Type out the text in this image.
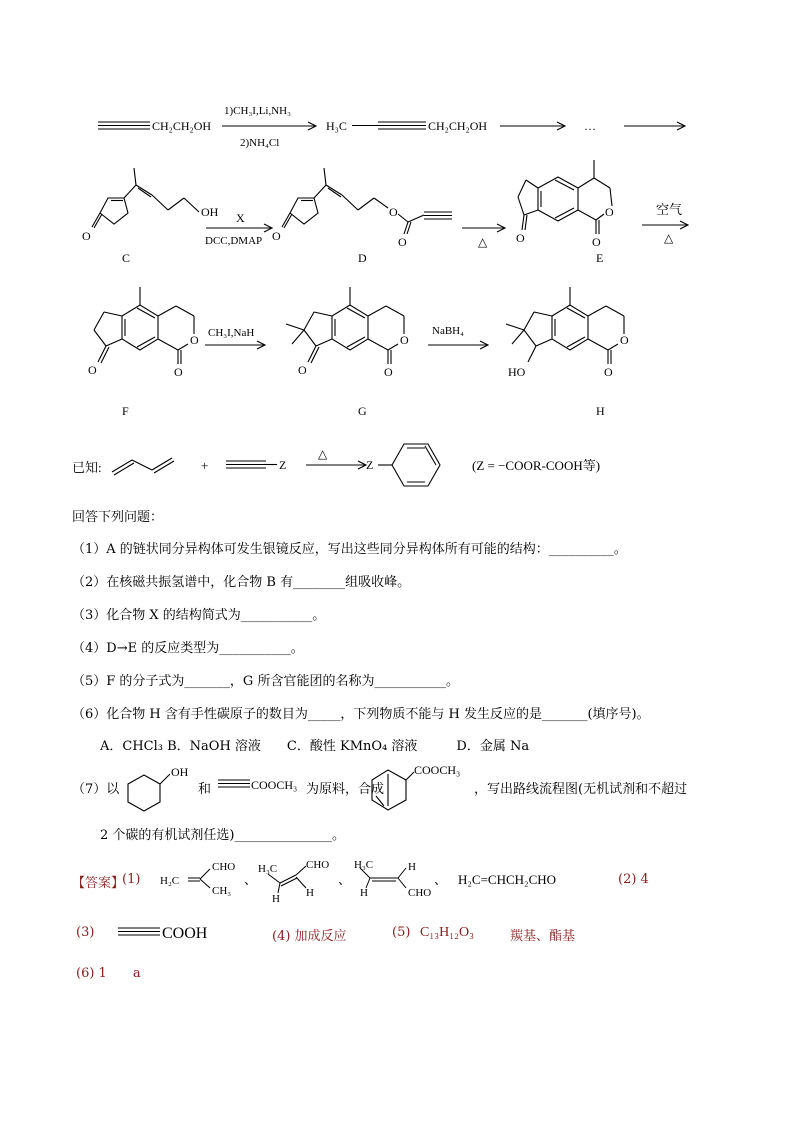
CH₂CH₂OH
1)CH₃I,Li,NH₃
2)NH₄Cl
H₃C	CH₂CH₂OH	…
OH
O
C
X
DCC,DMAP O
O
O
D
△ O
O
O
E
空气
△
O
O
O
F
CH₃I,NaH
O
O
O
G
NaBH₄
HO
O
O
H
已知:	+	Z
△
Z	(Z = −COOR-COOH等)
回答下列问题：
（1）A 的链状同分异构体可发生银镜反应，写出这些同分异构体所有可能的结构：__________。
（2）在核磁共振氢谱中，化合物 B 有________组吸收峰。
（3）化合物 X 的结构简式为___________。
（4）D→E 的反应类型为___________。
（5）F 的分子式为_______，G 所含官能团的名称为___________。
（6）化合物 H 含有手性碳原子的数目为_____，下列物质不能与 H 发生反应的是_______(填序号)。
A．CHCl₃ B．NaOH 溶液　　C．酸性 KMnO₄ 溶液　　　D．金属 Na
（7）以
OH
COOCH₃
COOCH₃
和	为原料，合成	，写出路线流程图(无机试剂和不超过
2 个碳的有机试剂任选)_______________。
【答案】
(1)
CHO
H₂C
CH₃
、
H₃C	CHO
H H
、
H₃C	H
H	CHO
、 H₂C=CHCH₂CHO
COOH
(2) 4
(3)	(4) 加成反应	(5) C₁₃H₁₂O₃	羰基、酯基
(6) 1　　a
